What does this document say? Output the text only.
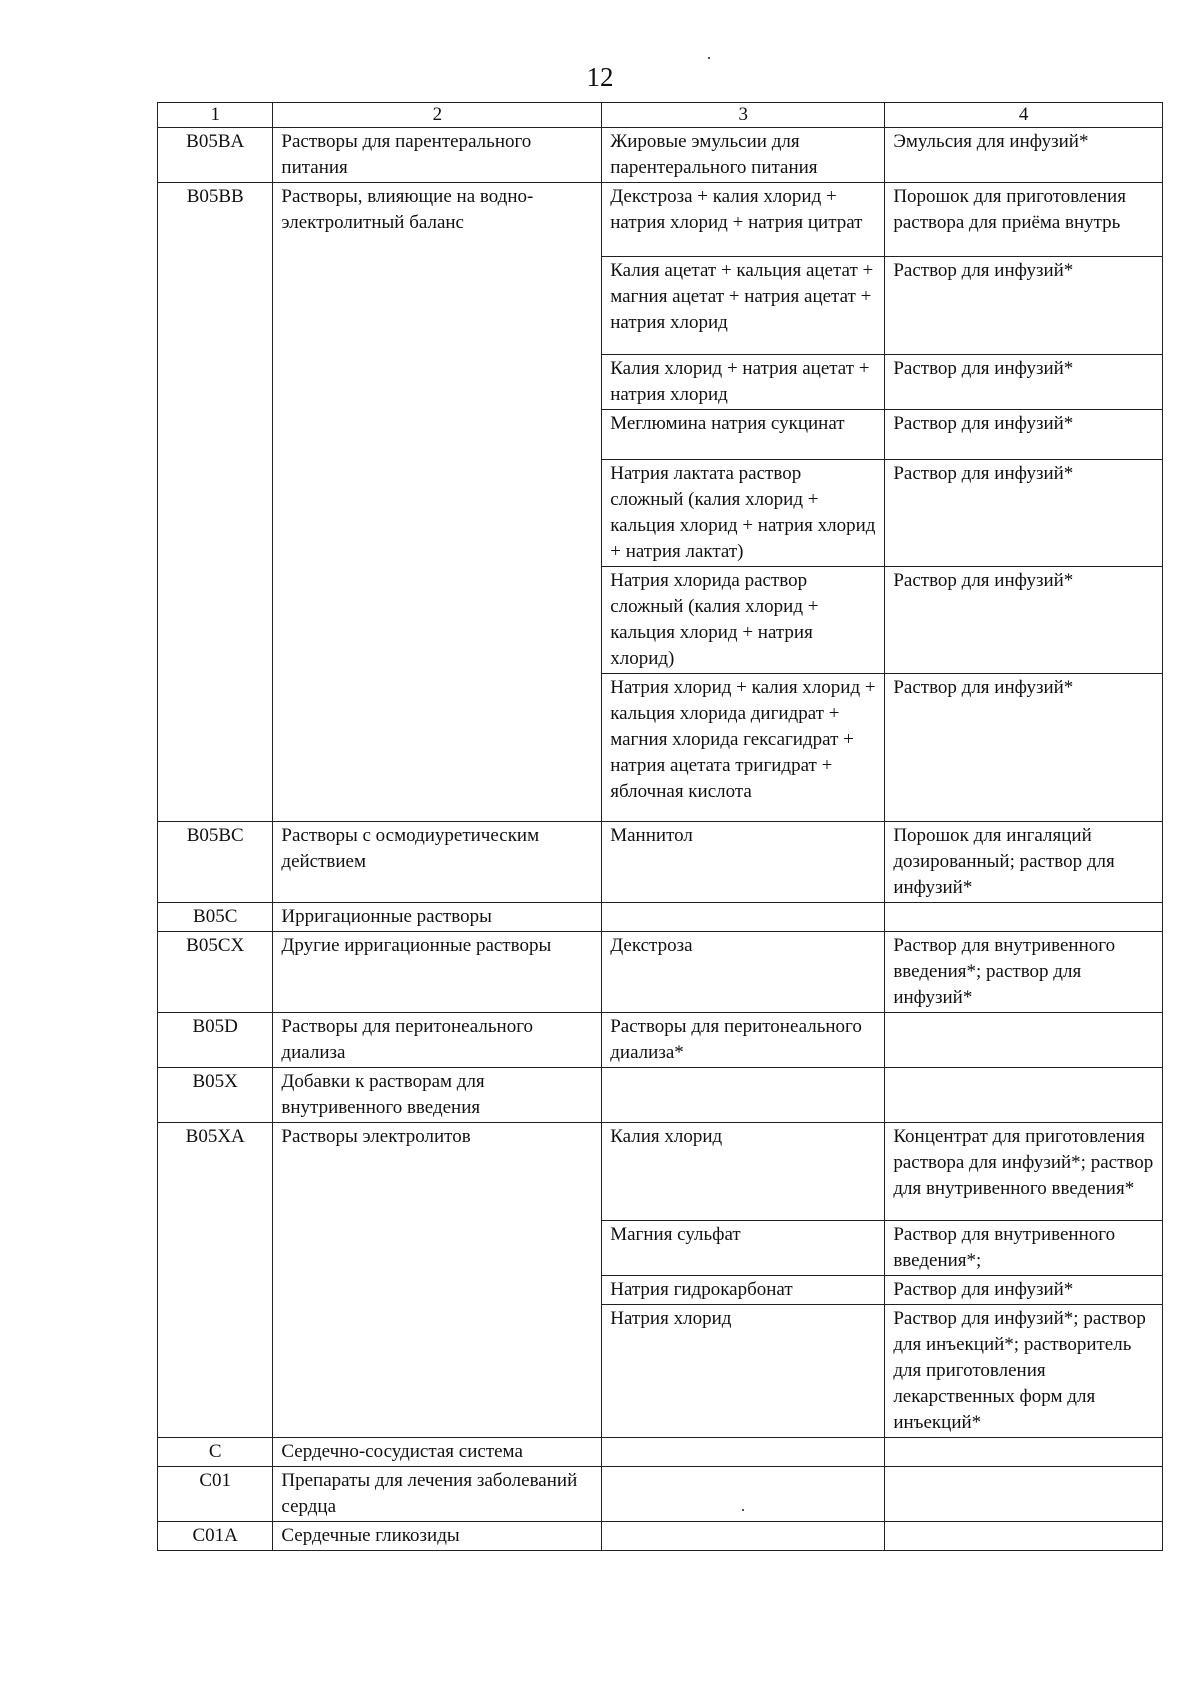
12
1	2	3	4
B05BA	Растворы для парентерального питания	Жировые эмульсии для парентерального питания	Эмульсия для инфузий*
B05BB	Растворы, влияющие на водно-электролитный баланс	Декстроза + калия хлорид + натрия хлорид + натрия цитрат	Порошок для приготовления раствора для приёма внутрь
		Калия ацетат + кальция ацетат + магния ацетат + натрия ацетат + натрия хлорид	Раствор для инфузий*
		Калия хлорид + натрия ацетат + натрия хлорид	Раствор для инфузий*
		Меглюмина натрия сукцинат	Раствор для инфузий*
		Натрия лактата раствор сложный (калия хлорид + кальция хлорид + натрия хлорид + натрия лактат)	Раствор для инфузий*
		Натрия хлорида раствор сложный (калия хлорид + кальция хлорид + натрия хлорид)	Раствор для инфузий*
		Натрия хлорид + калия хлорид + кальция хлорида дигидрат + магния хлорида гексагидрат + натрия ацетата тригидрат + яблочная кислота	Раствор для инфузий*
B05BC	Растворы с осмодиуретическим действием	Маннитол	Порошок для ингаляций дозированный; раствор для инфузий*
B05C	Ирригационные растворы		
B05CX	Другие ирригационные растворы	Декстроза	Раствор для внутривенного введения*; раствор для инфузий*
B05D	Растворы для перитонеального диализа	Растворы для перитонеального диализа*	
B05X	Добавки к растворам для внутривенного введения		
B05XA	Растворы электролитов	Калия хлорид	Концентрат для приготовления раствора для инфузий*; раствор для внутривенного введения*
		Магния сульфат	Раствор для внутривенного введения*;
		Натрия гидрокарбонат	Раствор для инфузий*
		Натрия хлорид	Раствор для инфузий*; раствор для инъекций*; растворитель для приготовления лекарственных форм для инъекций*
C	Сердечно-сосудистая система		
C01	Препараты для лечения заболеваний сердца		
C01A	Сердечные гликозиды		
·
·
